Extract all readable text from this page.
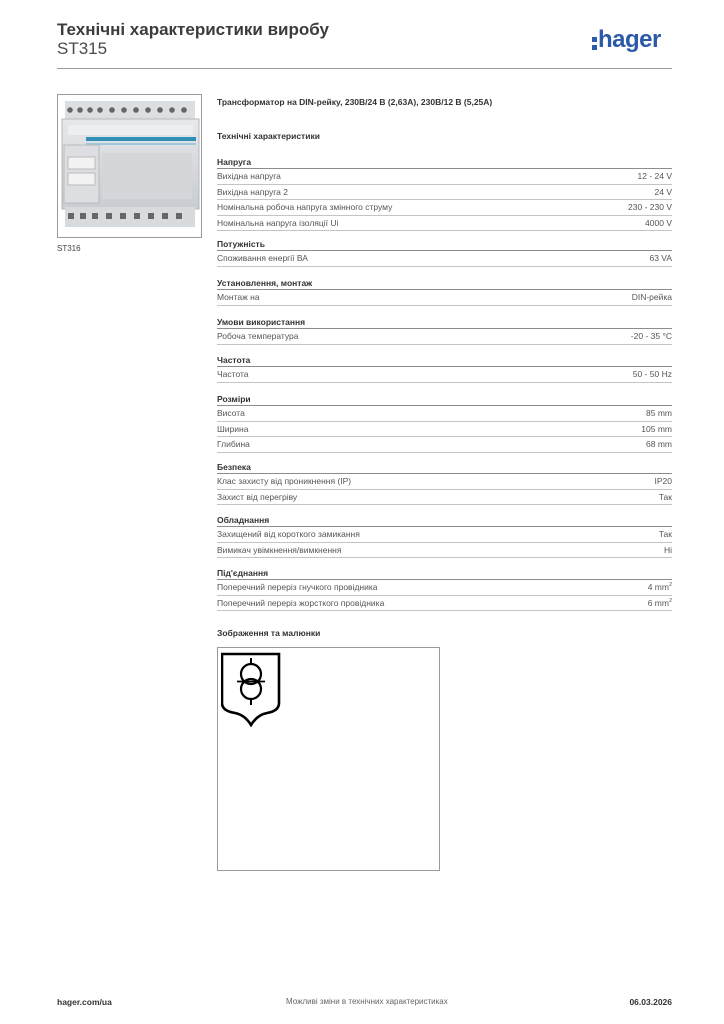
Технічні характеристики виробу
ST315	hager
ST316
Трансформатор на DIN-рейку, 230В/24 В (2,63А), 230В/12 В (5,25А)
Технічні характеристики
Напруга
Вихідна напруга	12 - 24 V
Вихідна напруга 2	24 V
Номінальна робоча напруга змінного струму	230 - 230 V
Номінальна напруга ізоляції Ui	4000 V
Потужність
Споживання енергії ВА	63 VA
Установлення, монтаж
Монтаж на	DIN-рейка
Умови використання
Робоча температура	-20 - 35 °C
Частота
Частота	50 - 50 Hz
Розміри
Висота	85 mm
Ширина	105 mm
Глибина	68 mm
Безпека
Клас захисту від проникнення (IP)	IP20
Захист від перегріву	Так
Обладнання
Захищений від короткого замикання	Так
Вимикач увімкнення/вимкнення	Ні
Під'єднання
Поперечний переріз гнучкого провідника	4 $mm^2$
Поперечний переріз жорсткого провідника	6 $mm^2$
Зображення та малюнки
hager.com/ua	Можливі зміни в технічних характеристиках	06.03.2026
